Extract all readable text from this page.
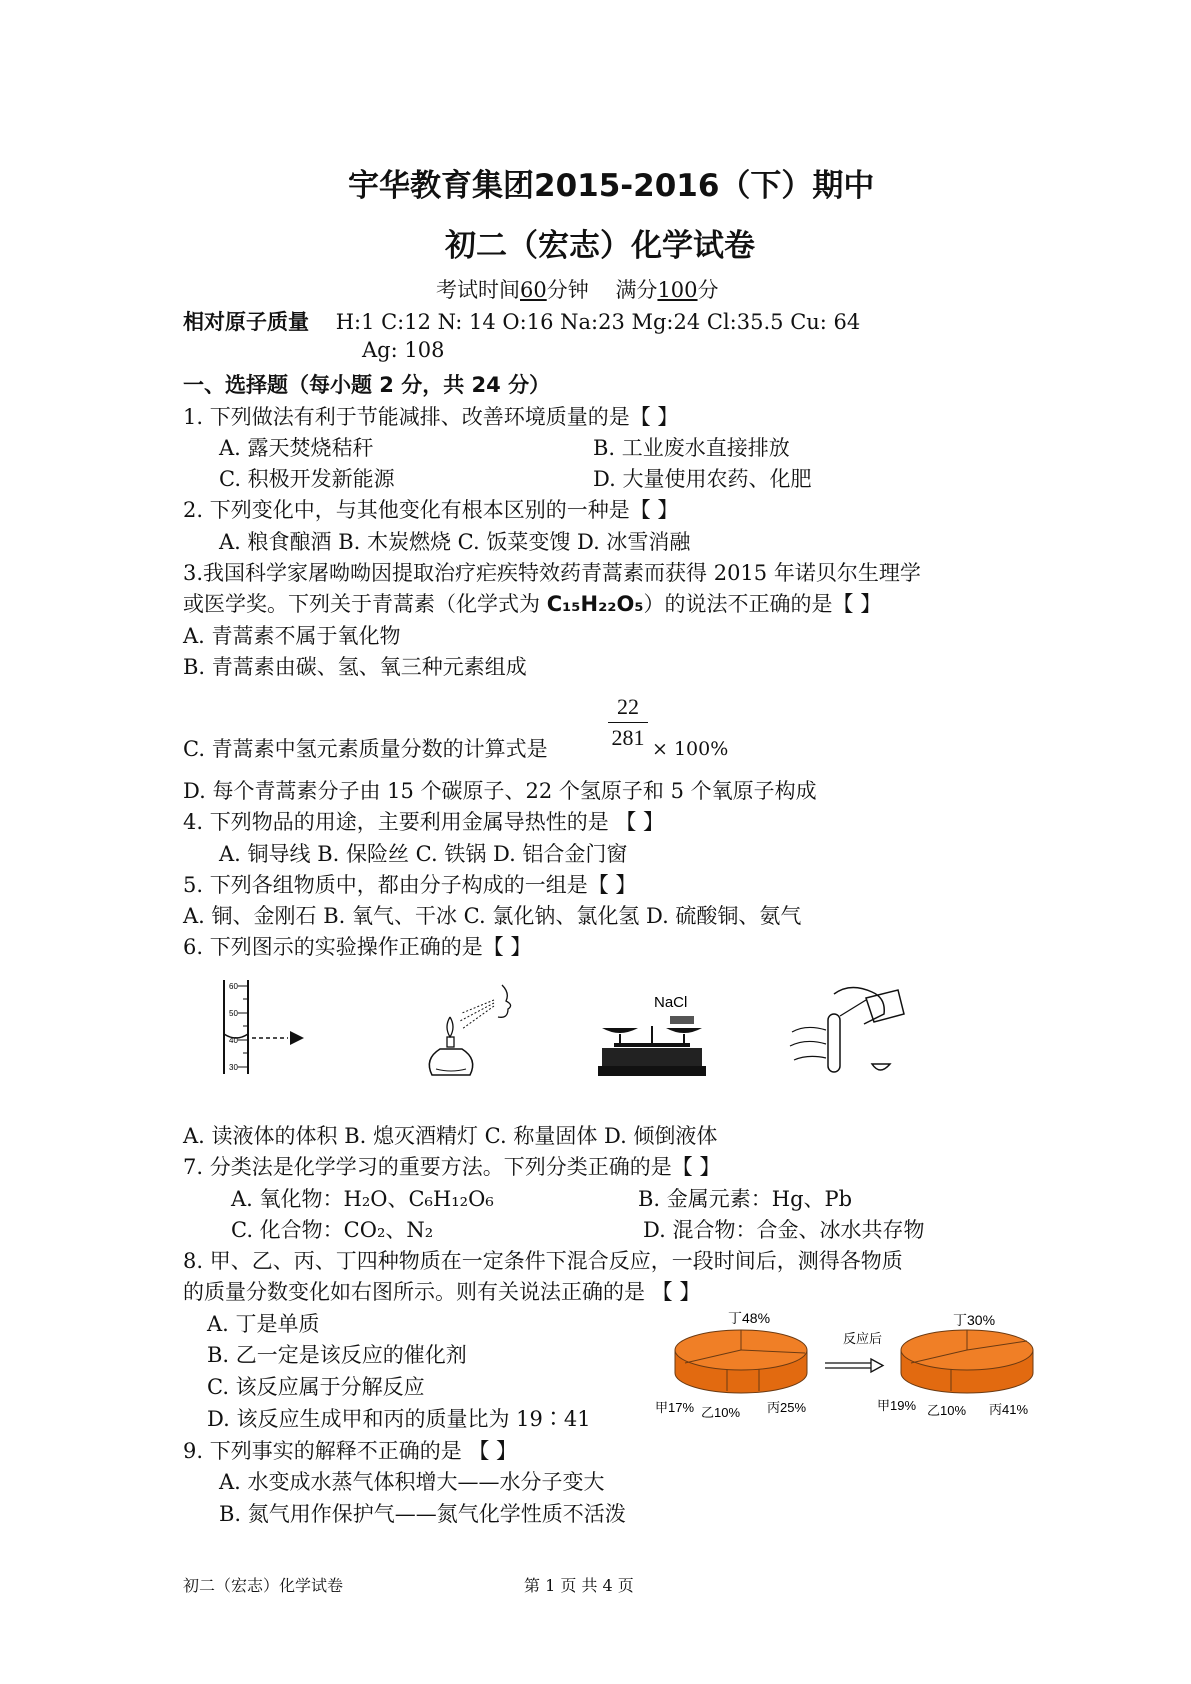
宇华教育集团2015-2016（下）期中
初二（宏志）化学试卷
考试时间60分钟 满分100分
相对原子质量 H:1 C:12 N: 14 O:16 Na:23 Mg:24 Cl:35.5 Cu: 64
Ag: 108
一、选择题（每小题 2 分，共 24 分）
1. 下列做法有利于节能减排、改善环境质量的是【 】
A. 露天焚烧秸秆	B. 工业废水直接排放
C. 积极开发新能源	D. 大量使用农药、化肥
2. 下列变化中，与其他变化有根本区别的一种是【 】
A. 粮食酿酒 B. 木炭燃烧 C. 饭菜变馊 D. 冰雪消融
3.我国科学家屠呦呦因提取治疗疟疾特效药青蒿素而获得 2015 年诺贝尔生理学
或医学奖。下列关于青蒿素（化学式为 C₁₅H₂₂O₅）的说法不正确的是【 】
A. 青蒿素不属于氧化物
B. 青蒿素由碳、氢、氧三种元素组成
C. 青蒿素中氢元素质量分数的计算式是
22
281 × 100%
D. 每个青蒿素分子由 15 个碳原子、22 个氢原子和 5 个氧原子构成
4. 下列物品的用途，主要利用金属导热性的是 【 】
A. 铜导线 B. 保险丝 C. 铁锅 D. 铝合金门窗
5. 下列各组物质中，都由分子构成的一组是【 】
A. 铜、金刚石 B. 氧气、干冰 C. 氯化钠、氯化氢 D. 硫酸铜、氨气
6. 下列图示的实验操作正确的是【 】
60
50
40
30
NaCl
A. 读液体的体积 B. 熄灭酒精灯 C. 称量固体 D. 倾倒液体
7. 分类法是化学学习的重要方法。下列分类正确的是【 】
A. 氧化物：H₂O、C₆H₁₂O₆	B. 金属元素：Hg、Pb
C. 化合物：CO₂、N₂	D. 混合物：合金、冰水共存物
8. 甲、乙、丙、丁四种物质在一定条件下混合反应，一段时间后，测得各物质
的质量分数变化如右图所示。则有关说法正确的是 【 】
A. 丁是单质
B. 乙一定是该反应的催化剂
C. 该反应属于分解反应
D. 该反应生成甲和丙的质量比为 19∶41
丁48%
甲17% 乙10% 丙25%
反应后
丁30%
甲19% 乙10% 丙41%
9. 下列事实的解释不正确的是 【 】
A. 水变成水蒸气体积增大——水分子变大
B. 氮气用作保护气——氮气化学性质不活泼
初二（宏志）化学试卷	第 1 页 共 4 页
